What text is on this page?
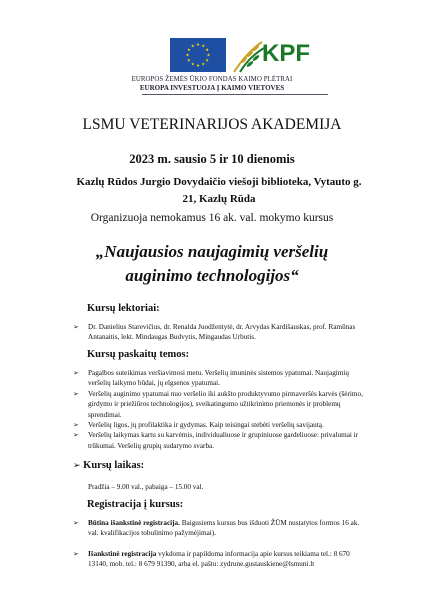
KPF
EUROPOS ŽEMĖS ŪKIO FONDAS KAIMO PLĖTRAI
EUROPA INVESTUOJA Į KAIMO VIETOVES
LSMU VETERINARIJOS AKADEMIJA
2023 m. sausio 5 ir 10 dienomis
Kazlų Rūdos Jurgio Dovydaičio viešoji biblioteka, Vytauto g. 21, Kazlų Rūda
Organizuoja nemokamus 16 ak. val. mokymo kursus
„Naujausios naujagimių veršelių
auginimo technologijos“
Kursų lektoriai:
➢ Dr. Danielius Starevičius, dr. Renalda Juodžentytė, dr. Arvydas Kardišauskas, prof. Ramūnas Antanaitis, lekt. Mindaugas Budvytis, Mingaudas Urbutis.
Kursų paskaitų temos:
➢ Pagalbos suteikimas veršiavimosi metu. Veršelių imuninės sistemos ypatumai. Naujagimių veršelių laikymo būdai, jų elgsenos ypatumai.
➢ Veršelių auginimo ypatumai nuo veršelio iki aukšto produktyvumo pirmaveršės karvės (šėrimo, girdymo ir priežiūros technologijos), sveikatingumo užtikrinimo priemonės ir problemų sprendimai.
➢ Veršelių ligos, jų profilaktika ir gydymas. Kaip teisingai stebėti veršelių savijautą.
➢ Veršelių laikymas kartu su karvėmis, individualiuose ir grupiniuose gardeliuose: privalumai ir trūkumai. Veršelių grupių sudarymo svarba.
➢ Kursų laikas:
Pradžia – 9.00 val., pabaiga – 15.00 val.
Registracija į kursus:
➢ Būtina išankstinė registracija. Baigusiems kursus bus išduoti ŽŪM nustatytos formos 16 ak. val. kvalifikacijos tobulinimo pažymėjimai).
➢ Išankstinė registracija vykdoma ir papildoma informacija apie kursus teikiama tel.: 8 670 13140, mob. tel.: 8 679 91390, arba el. paštu: zydrune.gustauskiene@lsmuni.lt
